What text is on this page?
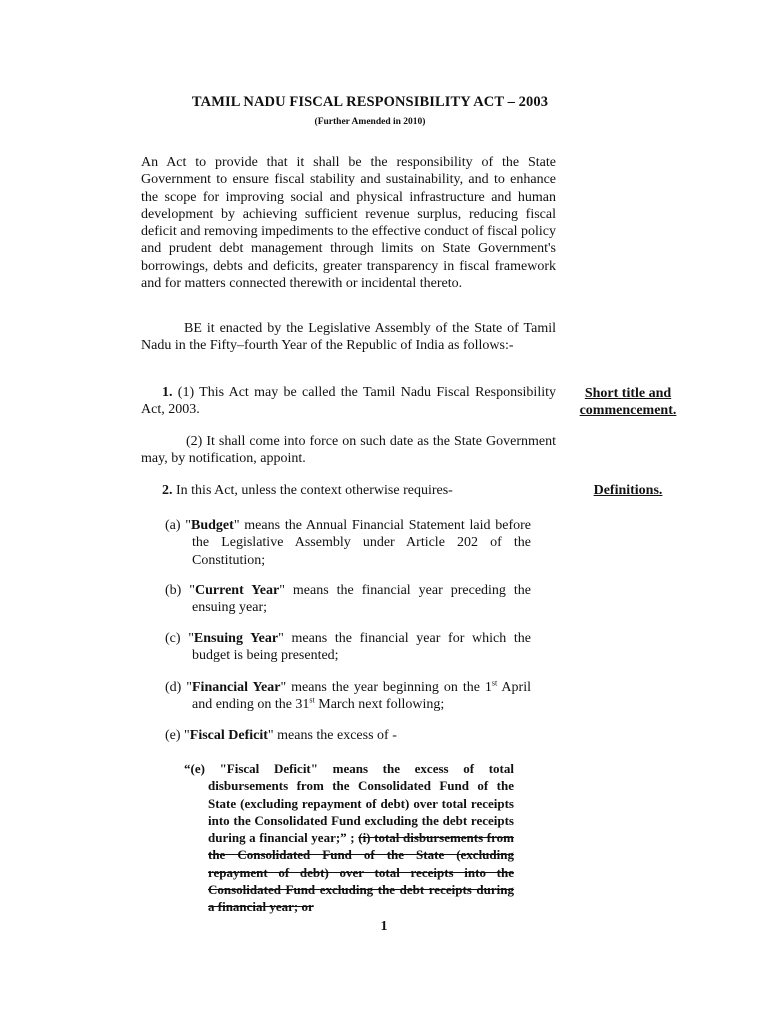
TAMIL NADU FISCAL RESPONSIBILITY ACT – 2003
(Further Amended in 2010)
An Act to provide that it shall be the responsibility of the State Government to ensure fiscal stability and sustainability, and to enhance the scope for improving social and physical infrastructure and human development by achieving sufficient revenue surplus, reducing fiscal deficit and removing impediments to the effective conduct of fiscal policy and prudent debt management through limits on State Government's borrowings, debts and deficits, greater transparency in fiscal framework and for matters connected therewith or incidental thereto.
BE it enacted by the Legislative Assembly of the State of Tamil Nadu in the Fifty–fourth Year of the Republic of India as follows:-
1. (1) This Act may be called the Tamil Nadu Fiscal Responsibility Act, 2003.
(2) It shall come into force on such date as the State Government may, by notification, appoint.
Short title and commencement.
2. In this Act, unless the context otherwise requires-	Definitions.
(a) "Budget" means the Annual Financial Statement laid before the Legislative Assembly under Article 202 of the Constitution;
(b) "Current Year" means the financial year preceding the ensuing year;
(c) "Ensuing Year" means the financial year for which the budget is being presented;
(d) "Financial Year" means the year beginning on the 1st April and ending on the 31st March next following;
(e) "Fiscal Deficit" means the excess of -
“(e) "Fiscal Deficit" means the excess of total disbursements from the Consolidated Fund of the State (excluding repayment of debt) over total receipts into the Consolidated Fund excluding the debt receipts during a financial year;” ; (i) total disbursements from the Consolidated Fund of the State (excluding repayment of debt) over total receipts into the Consolidated Fund excluding the debt receipts during a financial year; or
1
